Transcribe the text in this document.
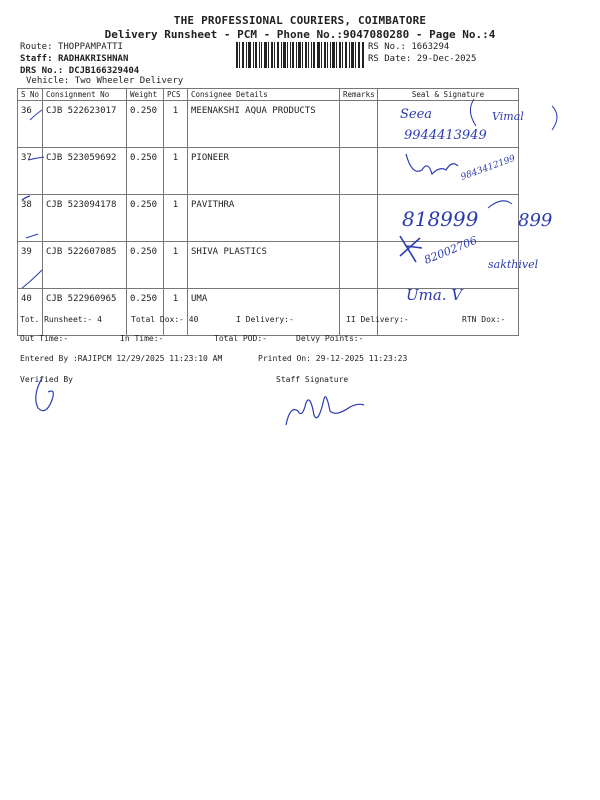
THE PROFESSIONAL COURIERS, COIMBATORE
Delivery Runsheet - PCM - Phone No.:9047080280 - Page No.:4
Route: THOPPAMPATTI
Staff: RADHAKRISHNAN
DRS No.: DCJB166329404
Vehicle: Two Wheeler Delivery
RS No.: 1663294
RS Date: 29-Dec-2025
S No	Consignment No	Weight	PCS	Consignee Details	Remarks	Seal & Signature
36	CJB 522623017	0.250	1	MEENAKSHI AQUA PRODUCTS		
37	CJB 523059692	0.250	1	PIONEER		
38	CJB 523094178	0.250	1	PAVITHRA		
39	CJB 522607085	0.250	1	SHIVA PLASTICS		
40	CJB 522960965	0.250	1	UMA		
Seea	Vimal
9944413949
9843412199
818999 899
82002706 sakthivel
Uma. V
Tot. Runsheet:- 4	Total Dox:- 40	I Delivery:-	II Delivery:-	RTN Dox:-
Out Time:-	In Time:-	Total POD:-	Delvy Points:-
Entered By :RAJIPCM 12/29/2025 11:23:10 AM	Printed On: 29-12-2025 11:23:23
Verified By	Staff Signature
